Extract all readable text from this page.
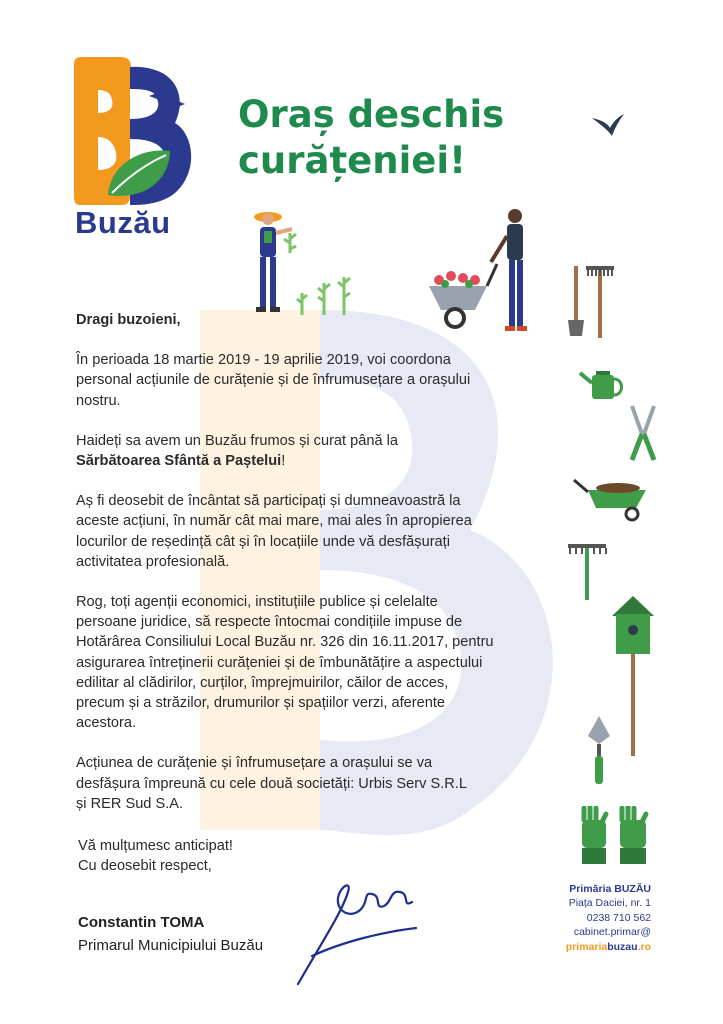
Buzău
Oraș deschis
curățeniei!

Dragi buzoieni,

În perioada 18 martie 2019 - 19 aprilie 2019, voi coordona
personal acțiunile de curățenie și de înfrumusețare a orașului
nostru.

Haideți sa avem un Buzău frumos și curat până la
Sărbătoarea Sfântă a Paștelui!

Aș fi deosebit de încântat să participați și dumneavoastră la
aceste acțiuni, în număr cât mai mare, mai ales în apropierea
locurilor de reședință cât și în locațiile unde vă desfășurați
activitatea profesională.

Rog, toți agenții economici, instituțiile publice și celelalte
persoane juridice, să respecte întocmai condițiile impuse de
Hotărârea Consiliului Local Buzău nr. 326 din 16.11.2017, pentru
asigurarea întreținerii curățeniei și de îmbunătățire a aspectului
edilitar al clădirilor, curților, împrejmuirilor, căilor de acces,
precum și a străzilor, drumurilor și spațiilor verzi, aferente
acestora.

Acțiunea de curățenie și înfrumusețare a orașului se va
desfășura împreună cu cele două societăți: Urbis Serv S.R.L
și RER Sud S.A.

Vă mulțumesc anticipat!
Cu deosebit respect,
Constantin TOMA
Primarul Municipiului Buzău
Primăria BUZĂU
Piața Daciei, nr. 1
0238 710 562
cabinet.primar@
primariabuzau.ro
